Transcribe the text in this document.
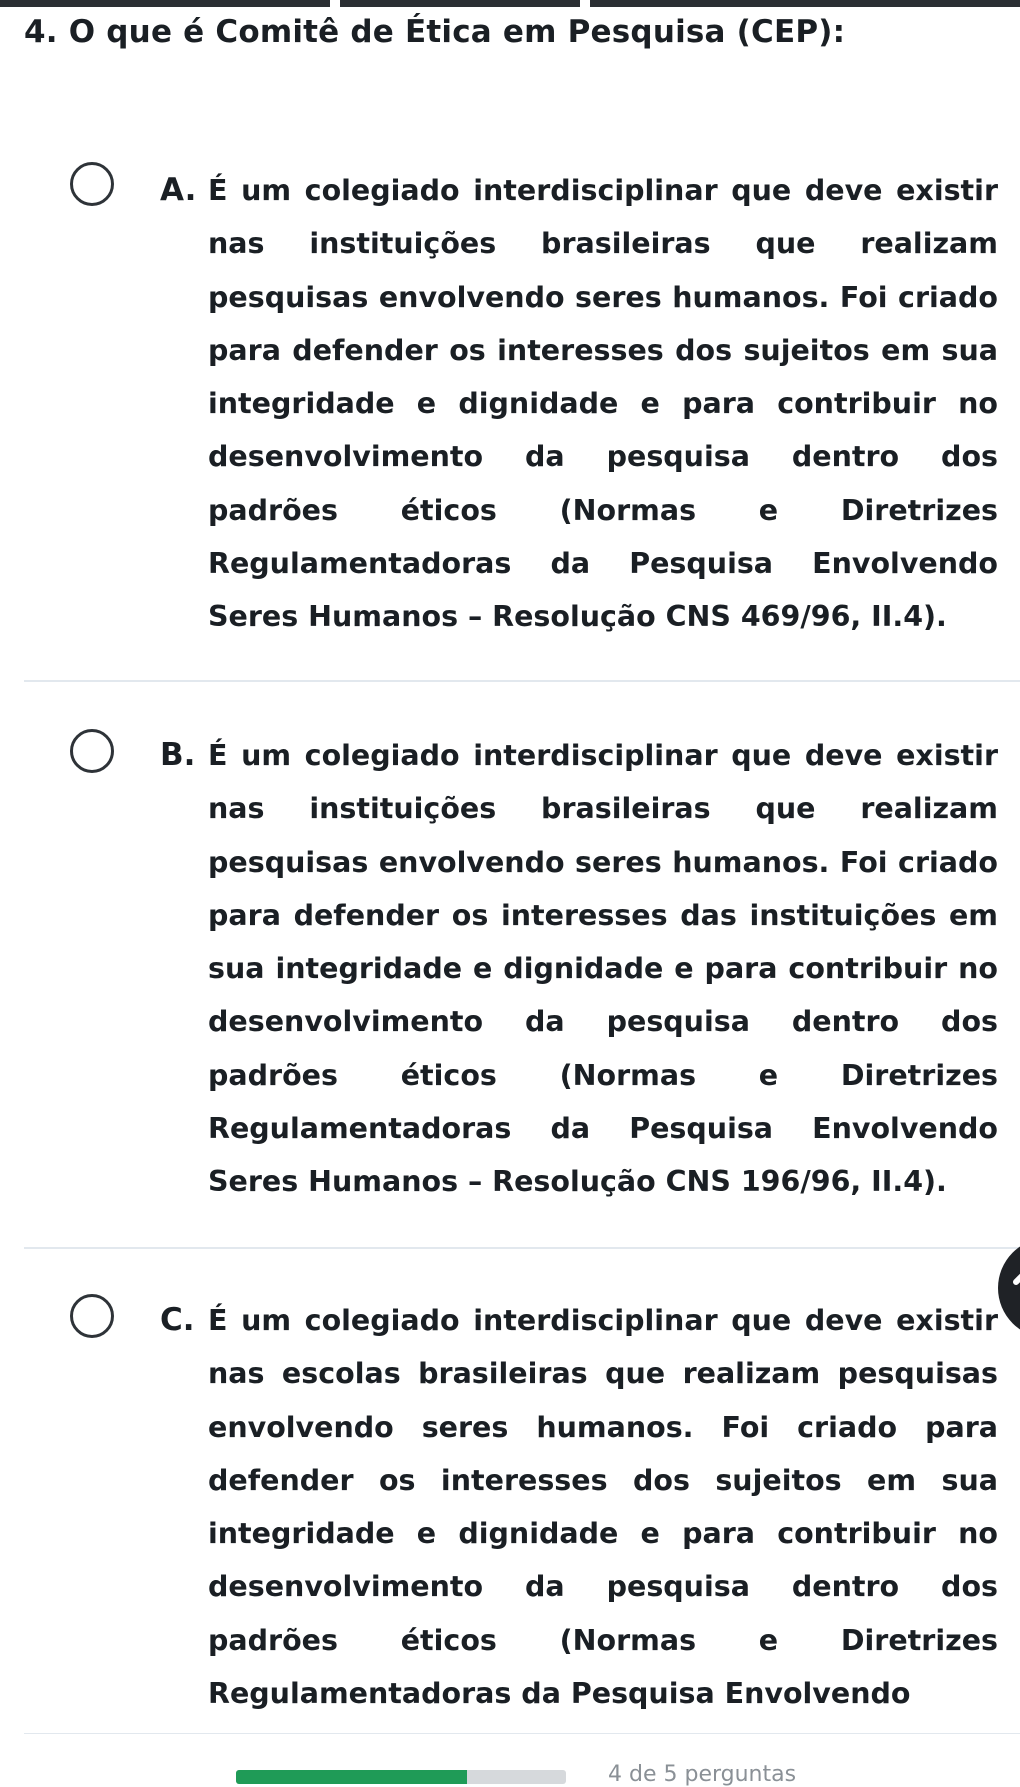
4. O que é Comitê de Ética em Pesquisa (CEP):
A. É um colegiado interdisciplinar que deve existir nas instituições brasileiras que realizam pesquisas envolvendo seres humanos. Foi criado para defender os interesses dos sujeitos em sua integridade e dignidade e para contribuir no desenvolvimento da pesquisa dentro dos padrões éticos (Normas e Diretrizes Regulamentadoras da Pesquisa Envolvendo Seres Humanos – Resolução CNS 469/96, II.4).

B. É um colegiado interdisciplinar que deve existir nas instituições brasileiras que realizam pesquisas envolvendo seres humanos. Foi criado para defender os interesses das instituições em sua integridade e dignidade e para contribuir no desenvolvimento da pesquisa dentro dos padrões éticos (Normas e Diretrizes Regulamentadoras da Pesquisa Envolvendo Seres Humanos – Resolução CNS 196/96, II.4).

C. É um colegiado interdisciplinar que deve existir nas escolas brasileiras que realizam pesquisas envolvendo seres humanos. Foi criado para defender os interesses dos sujeitos em sua integridade e dignidade e para contribuir no desenvolvimento da pesquisa dentro dos padrões éticos (Normas e Diretrizes Regulamentadoras da Pesquisa Envolvendo

4 de 5 perguntas
